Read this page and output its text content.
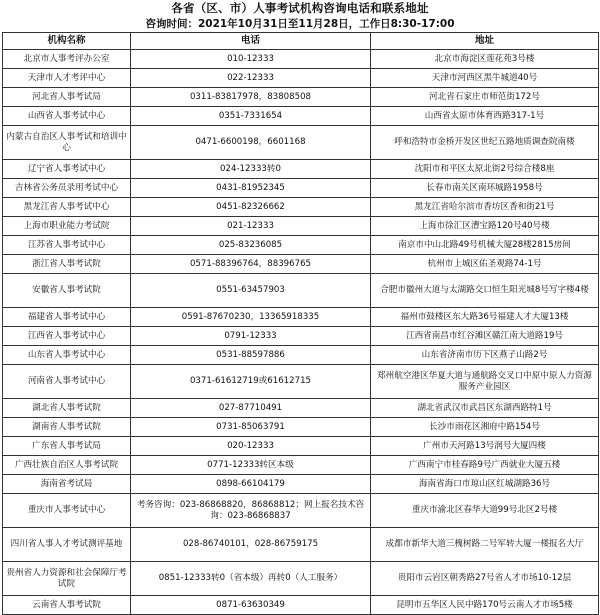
各省（区、市）人事考试机构咨询电话和联系地址
咨询时间：2021年10月31日至11月28日，工作日8:30-17:00
机构名称	电话	地址
北京市人事考评办公室	010-12333	北京市海淀区莲花苑3号楼
天津市人才考评中心	022-12333	天津市河西区黑牛城道40号
河北省人事考试局	0311-83817978，83808508	河北省石家庄市师范街172号
山西省人事考试中心	0351-7331654	山西省太原市体育西路317-1号
内蒙古自治区人事考试和培训中心	0471-6600198，6601168	呼和浩特市金桥开发区世纪五路地质调查院南楼
辽宁省人事考试中心	024-12333转0	沈阳市和平区太原北街2号综合楼8座
吉林省公务员录用考试中心	0431-81952345	长春市南关区南环城路1958号
黑龙江省人事考试中心	0451-82326662	黑龙江省哈尔滨市香坊区香和街21号
上海市职业能力考试院	021-12333	上海市徐汇区漕宝路120号40号楼
江苏省人事考试中心	025-83236085	南京市中山北路49号机械大厦28楼2815房间
浙江省人事考试院	0571-88396764，88396765	杭州市上城区佑圣观路74-1号
安徽省人事考试院	0551-63457903	合肥市徽州大道与太湖路交口恒生阳光城8号写字楼4楼
福建省人事考试中心	0591-87670230，13365918335	福州市鼓楼区东大路36号福建人才大厦13楼
江西省人事考试中心	0791-12333	江西省南昌市红谷滩区赣江南大道路19号
山东省人事考试中心	0531-88597886	山东省济南市历下区燕子山路2号
河南省人事考试中心	0371-61612719或61612715	郑州航空港区华夏大道与通航路交叉口中原中原人力资源服务产业园区
湖北省人事考试院	027-87710491	湖北省武汉市武昌区东湖西路特1号
湖南省人事考试院	0731-85063791	长沙市雨花区湘府中路154号
广东省人事考试局	020-12333	广州市天河路13号润号大厦四楼
广西壮族自治区人事考试院	0771-12333转区本级	广西南宁市桂春路9号广西就业大厦五楼
海南省考试局	0898-66104179	海南省海口市琼山区红城湖路36号
重庆市人事考试中心	考务咨询：023-86868820，86868812；网上报名技术咨询：023-86868837	重庆市渝北区春华大道99号北区2号楼
四川省人事人才考试测评基地	028-86740101，028-86759175	成都市新华大道三槐树路二号军转大厦一楼报名大厅
贵州省人力资源和社会保障厅考试院	0851-12333转0（省本级）再转0（人工服务）	贵阳市云岩区朝秀路27号省人才市场10-12层
云南省人事考试院	0871-63630349	昆明市五华区人民中路170号云南人才市场5楼
